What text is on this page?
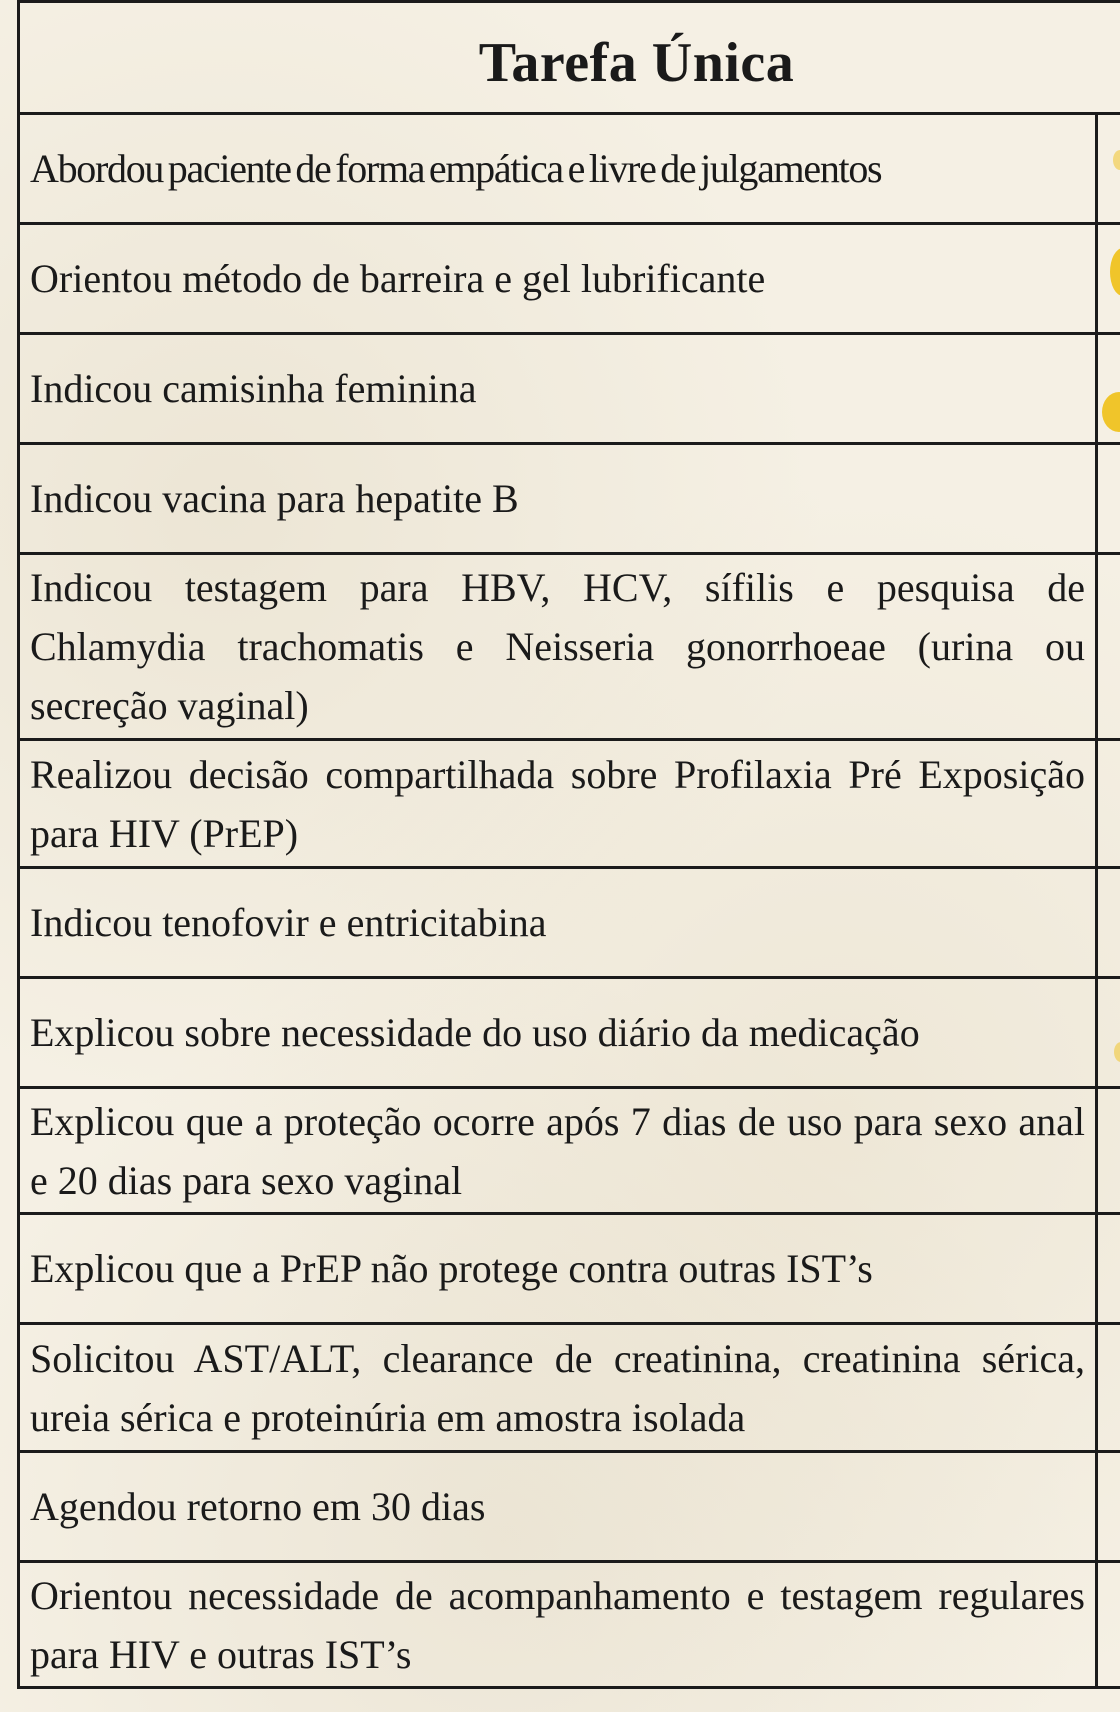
Tarefa Única
Abordou paciente de forma empática e livre de julgamentos
Orientou método de barreira e gel lubrificante
Indicou camisinha feminina
Indicou vacina para hepatite B
Indicou testagem para HBV, HCV, sífilis e pesquisa de Chlamydia trachomatis e Neisseria gonorrhoeae (urina ou secreção vaginal)
Realizou decisão compartilhada sobre Profilaxia Pré Exposição para HIV (PrEP)
Indicou tenofovir e entricitabina
Explicou sobre necessidade do uso diário da medicação
Explicou que a proteção ocorre após 7 dias de uso para sexo anal e 20 dias para sexo vaginal
Explicou que a PrEP não protege contra outras IST’s
Solicitou AST/ALT, clearance de creatinina, creatinina sérica, ureia sérica e proteinúria em amostra isolada
Agendou retorno em 30 dias
Orientou necessidade de acompanhamento e testagem regulares para HIV e outras IST’s
